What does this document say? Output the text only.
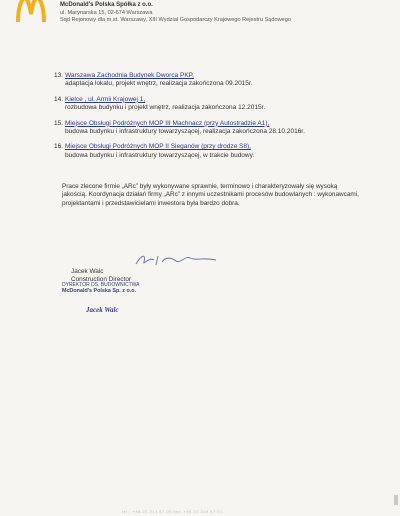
McDonald's Polska Spółka z o.o.
ul. Marynarska 15, 02-674 Warszawa
Sąd Rejonowy dla m.st. Warszawy, XIII Wydział Gospodarczy Krajowego Rejestru Sądowego
13. Warszawa Zachodnia Budynek Dworca PKP,
adaptacja lokalu, projekt wnętrz, realizacja zakończona 09.2015r.
14. Kielce , ul. Armii Krajowej 1,
rozbudowa budynku i projekt wnętrz, realizacja zakończona 12.2015r.
15. Miejsce Obsługi Podróżnych MOP III Machnacz (przy Autostradzie A1),
budowa budynku i infrastruktury towarzyszącej, realizacja zakończona 28.10.2016r.
16. Miejsce Obsługi Podróżnych MOP II Sieganów (przy drodze S8),
budowa budynku i infrastruktury towarzyszącej, w trakcie budowy.
Prace zlecone firmie „ARc” były wykonywane sprawnie, terminowo i charakteryzowały się wysoką jakością. Koordynacja działań firmy „ARc” z innymi uczestnikami procesów budowlanych : wykonawcami, projektantami i przedstawicielami inwestora była bardzo dobra.
Jacek Walc
Construction Director
DYREKTOR DS. BUDOWNICTWA
McDonald's Polska Sp. z o.o.
Jacek Walc
tel.: +48 22 314 67 00 fax: +48 22 314 67 01
